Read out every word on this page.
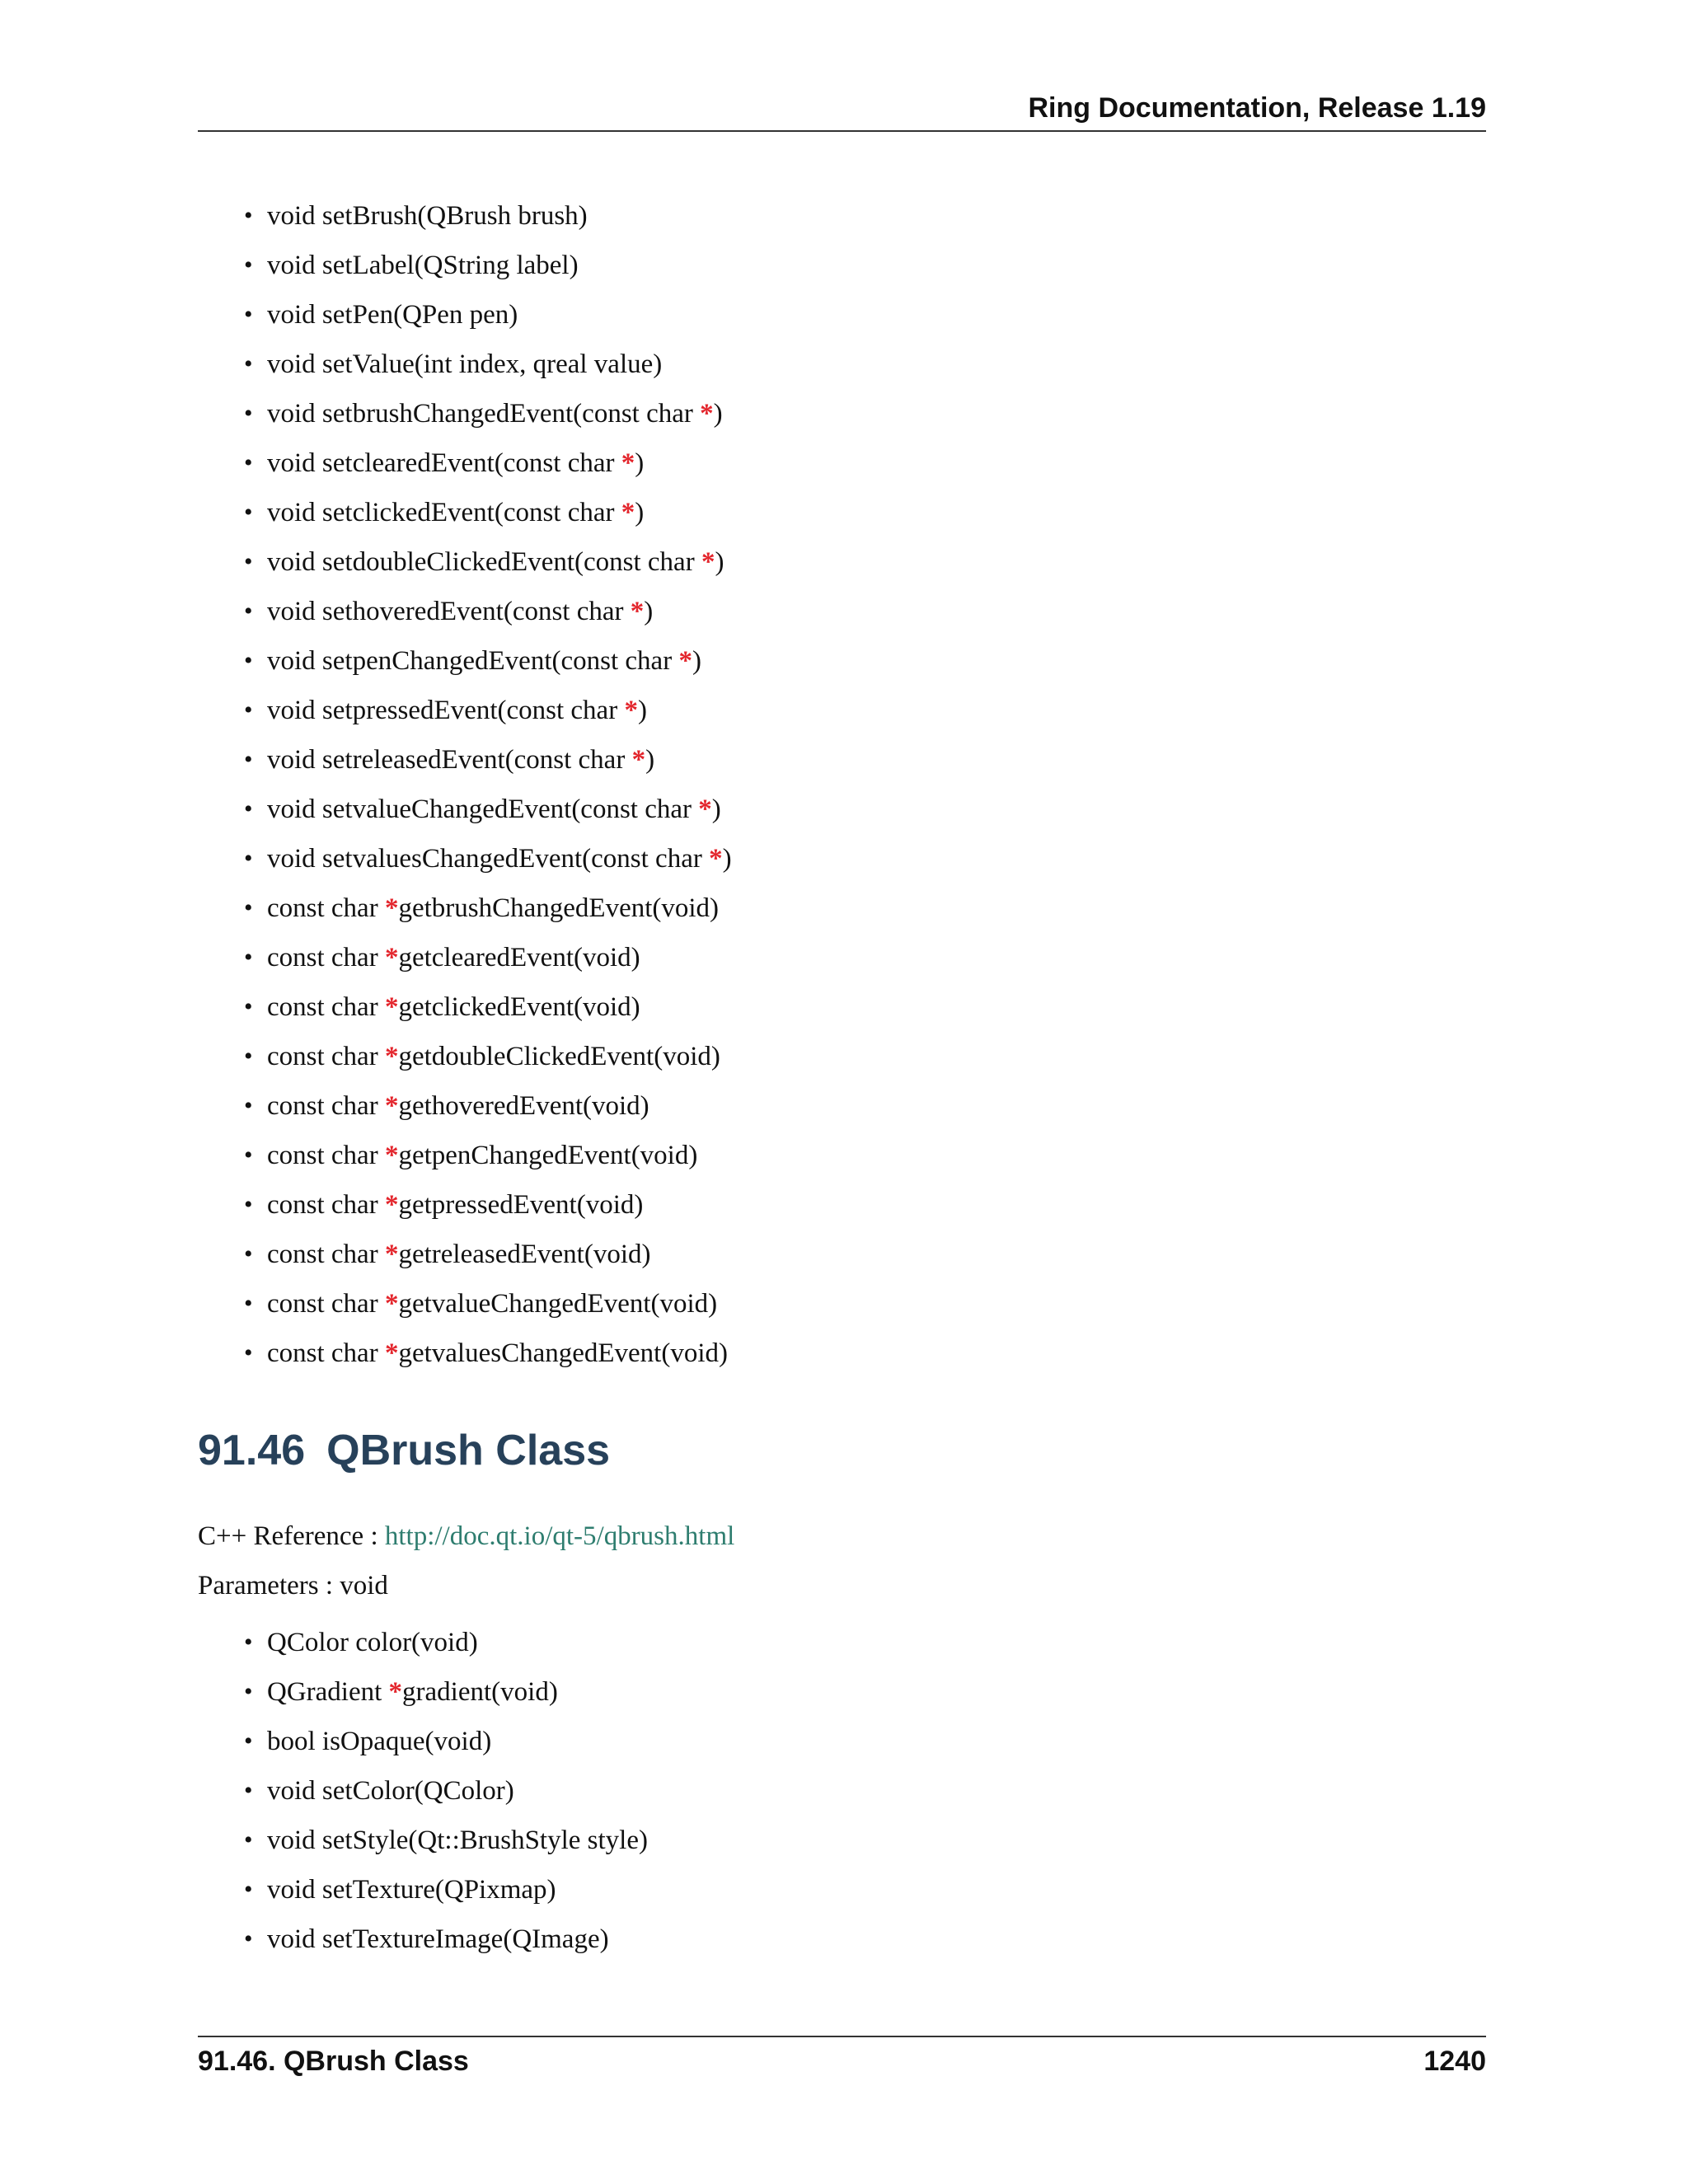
Ring Documentation, Release 1.19
• void setBrush(QBrush brush)
• void setLabel(QString label)
• void setPen(QPen pen)
• void setValue(int index, qreal value)
• void setbrushChangedEvent(const char *)
• void setclearedEvent(const char *)
• void setclickedEvent(const char *)
• void setdoubleClickedEvent(const char *)
• void sethoveredEvent(const char *)
• void setpenChangedEvent(const char *)
• void setpressedEvent(const char *)
• void setreleasedEvent(const char *)
• void setvalueChangedEvent(const char *)
• void setvaluesChangedEvent(const char *)
• const char *getbrushChangedEvent(void)
• const char *getclearedEvent(void)
• const char *getclickedEvent(void)
• const char *getdoubleClickedEvent(void)
• const char *gethoveredEvent(void)
• const char *getpenChangedEvent(void)
• const char *getpressedEvent(void)
• const char *getreleasedEvent(void)
• const char *getvalueChangedEvent(void)
• const char *getvaluesChangedEvent(void)
91.46 QBrush Class
C++ Reference : http://doc.qt.io/qt-5/qbrush.html
Parameters : void
• QColor color(void)
• QGradient *gradient(void)
• bool isOpaque(void)
• void setColor(QColor)
• void setStyle(Qt::BrushStyle style)
• void setTexture(QPixmap)
• void setTextureImage(QImage)
91.46. QBrush Class	1240
